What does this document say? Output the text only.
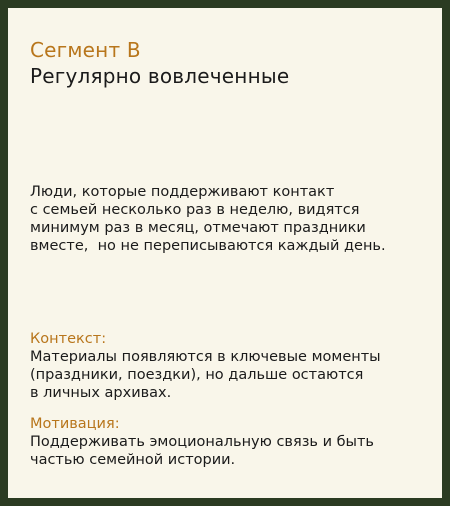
Сегмент В
Регулярно вовлеченные
Люди, которые поддерживают контакт
с семьей несколько раз в неделю, видятся
минимум раз в месяц, отмечают праздники
вместе,  но не переписываются каждый день.
Контекст:
Материалы появляются в ключевые моменты
(праздники, поездки), но дальше остаются
в личных архивах.
Мотивация:
Поддерживать эмоциональную связь и быть
частью семейной истории.
